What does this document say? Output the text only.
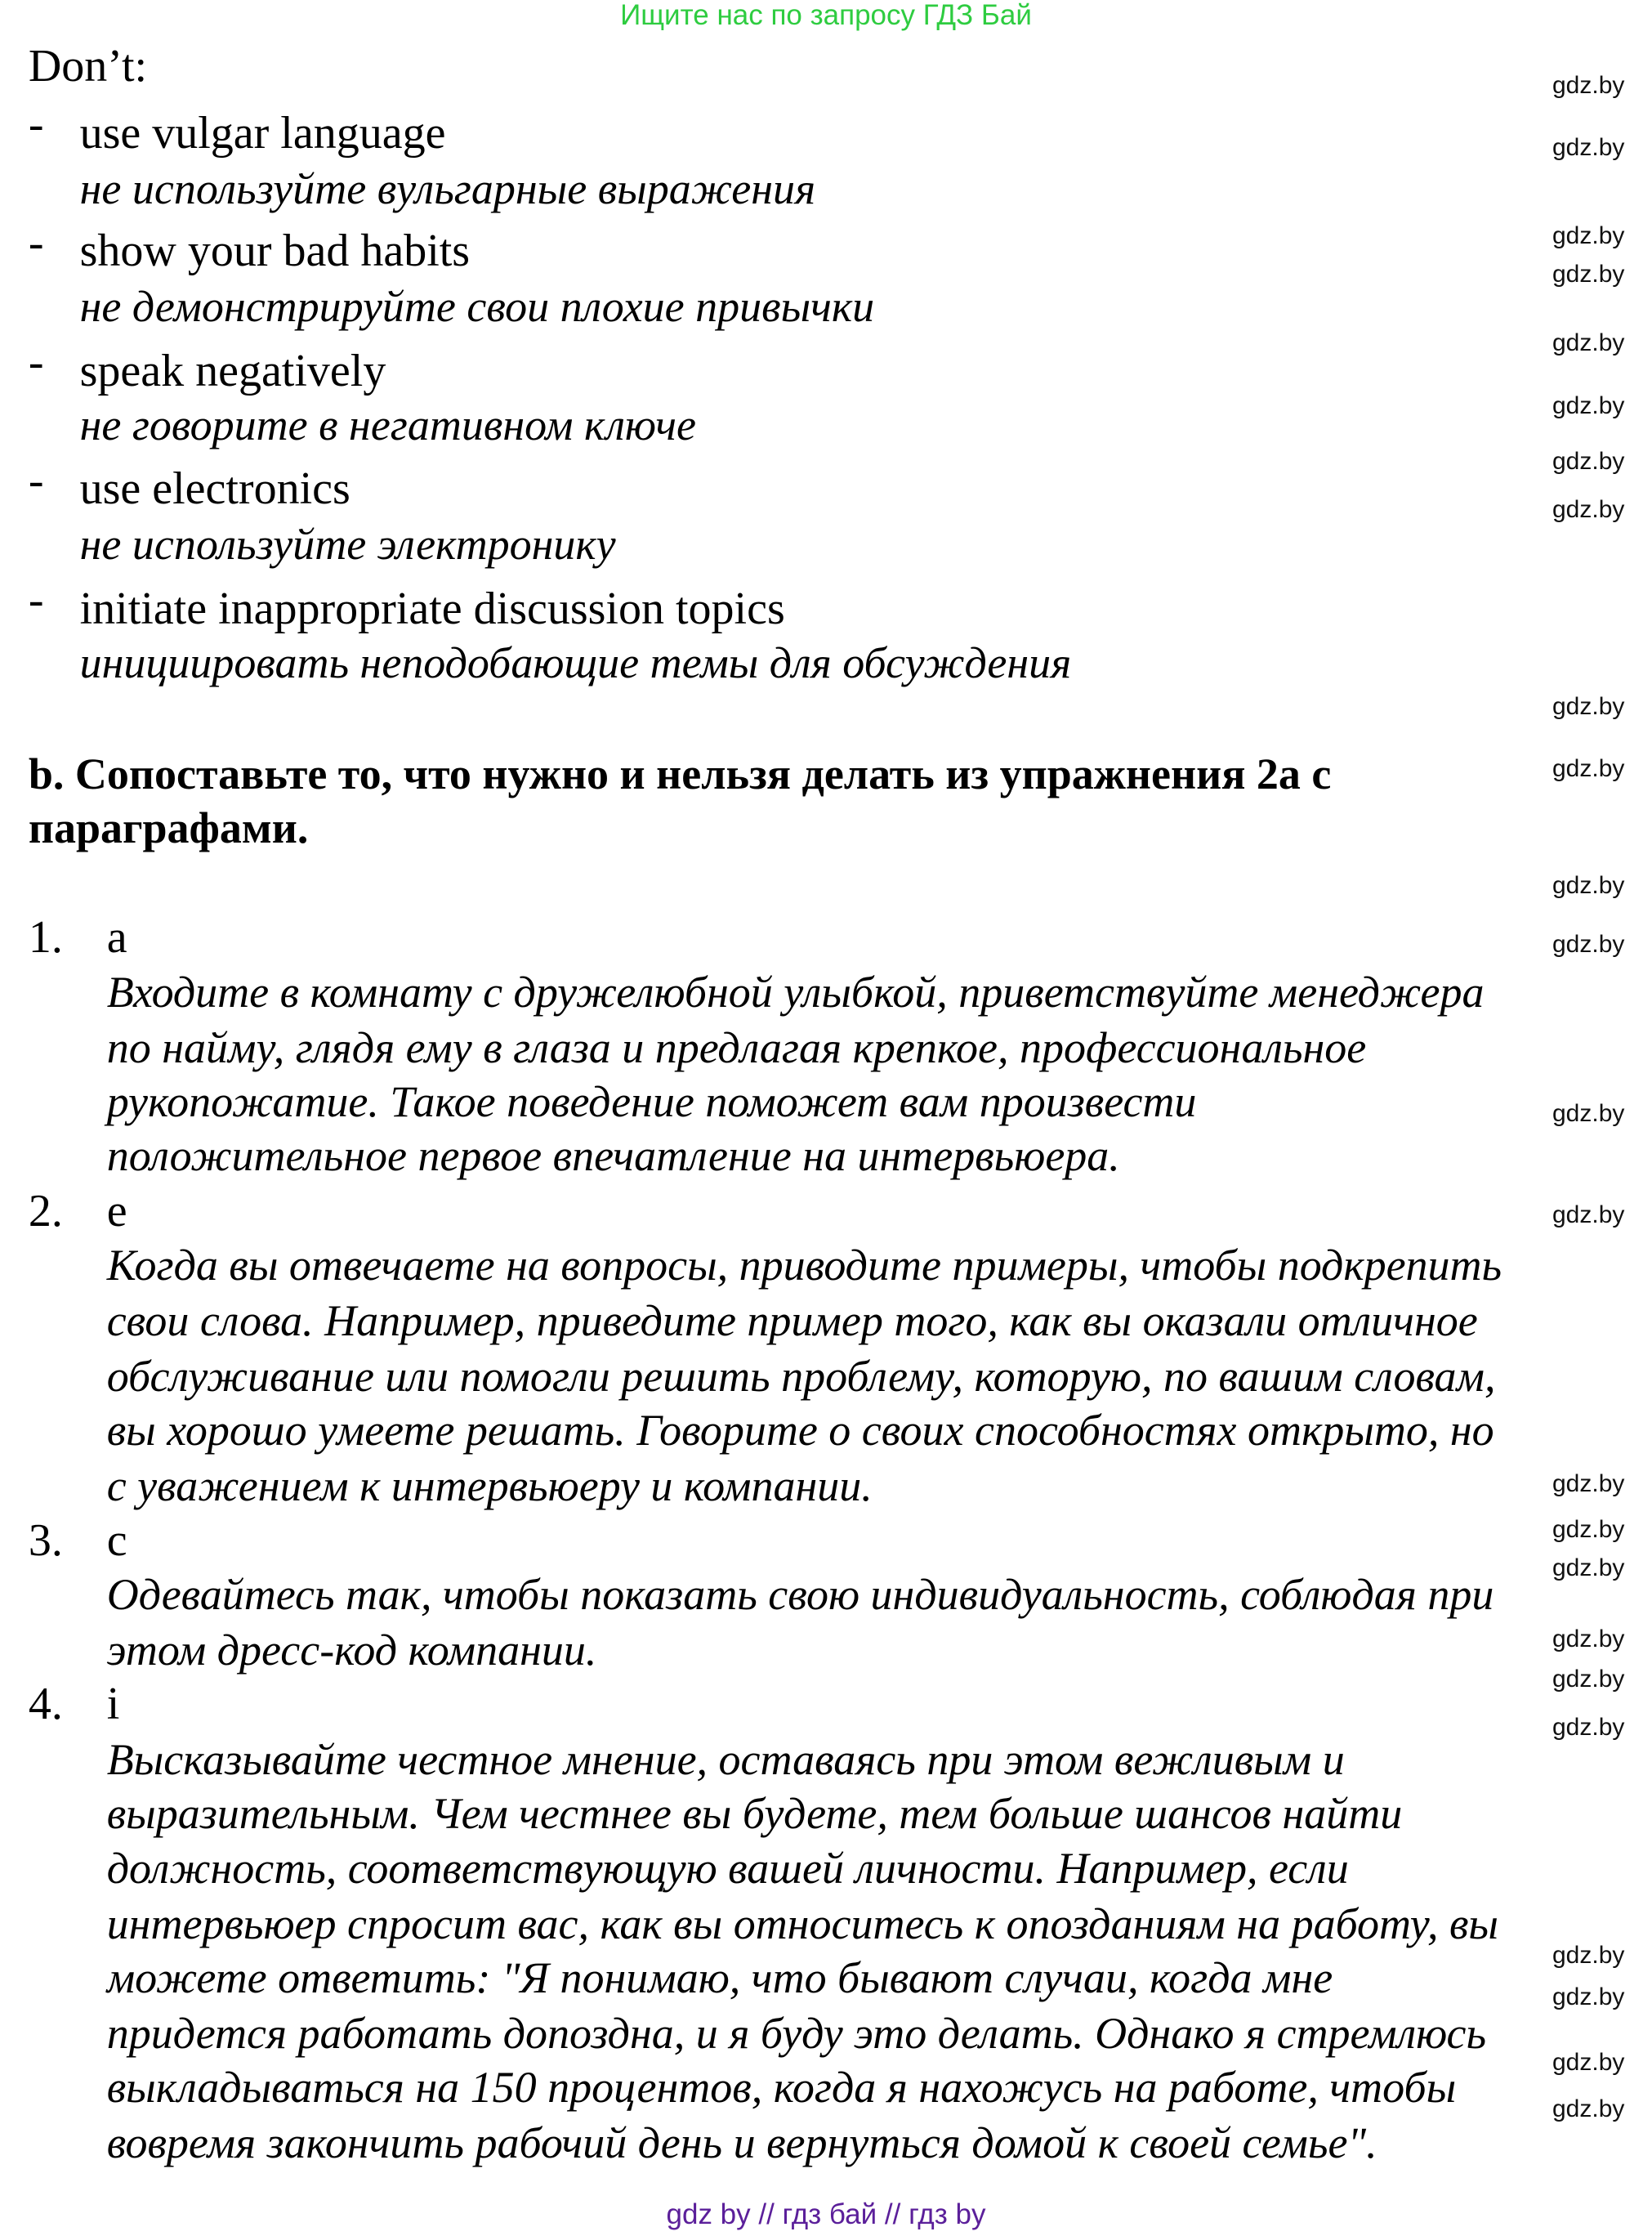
Ищите нас по запросу ГДЗ Бай
Don’t:
- use vulgar language
не используйте вульгарные выражения
- show your bad habits
не демонстрируйте свои плохие привычки
- speak negatively
не говорите в негативном ключе
- use electronics
не используйте электронику
- initiate inappropriate discussion topics
инициировать неподобающие темы для обсуждения
b. Сопоставьте то, что нужно и нельзя делать из упражнения 2a с
параграфами.
1. a
Входите в комнату с дружелюбной улыбкой, приветствуйте менеджера
по найму, глядя ему в глаза и предлагая крепкое, профессиональное
рукопожатие. Такое поведение поможет вам произвести
положительное первое впечатление на интервьюера.
2. e
Когда вы отвечаете на вопросы, приводите примеры, чтобы подкрепить
свои слова. Например, приведите пример того, как вы оказали отличное
обслуживание или помогли решить проблему, которую, по вашим словам,
вы хорошо умеете решать. Говорите о своих способностях открыто, но
с уважением к интервьюеру и компании.
3. c
Одевайтесь так, чтобы показать свою индивидуальность, соблюдая при
этом дресс-код компании.
4. i
Высказывайте честное мнение, оставаясь при этом вежливым и
выразительным. Чем честнее вы будете, тем больше шансов найти
должность, соответствующую вашей личности. Например, если
интервьюер спросит вас, как вы относитесь к опозданиям на работу, вы
можете ответить: "Я понимаю, что бывают случаи, когда мне
придется работать допоздна, и я буду это делать. Однако я стремлюсь
выкладываться на 150 процентов, когда я нахожусь на работе, чтобы
вовремя закончить рабочий день и вернуться домой к своей семье".
gdz.by
gdz.by
gdz.by
gdz.by
gdz.by
gdz.by
gdz.by
gdz.by
gdz.by
gdz.by
gdz.by
gdz.by
gdz.by
gdz.by
gdz.by
gdz.by
gdz.by
gdz.by
gdz.by
gdz.by
gdz.by
gdz.by
gdz.by
gdz.by
gdz by // гдз бай // гдз by
